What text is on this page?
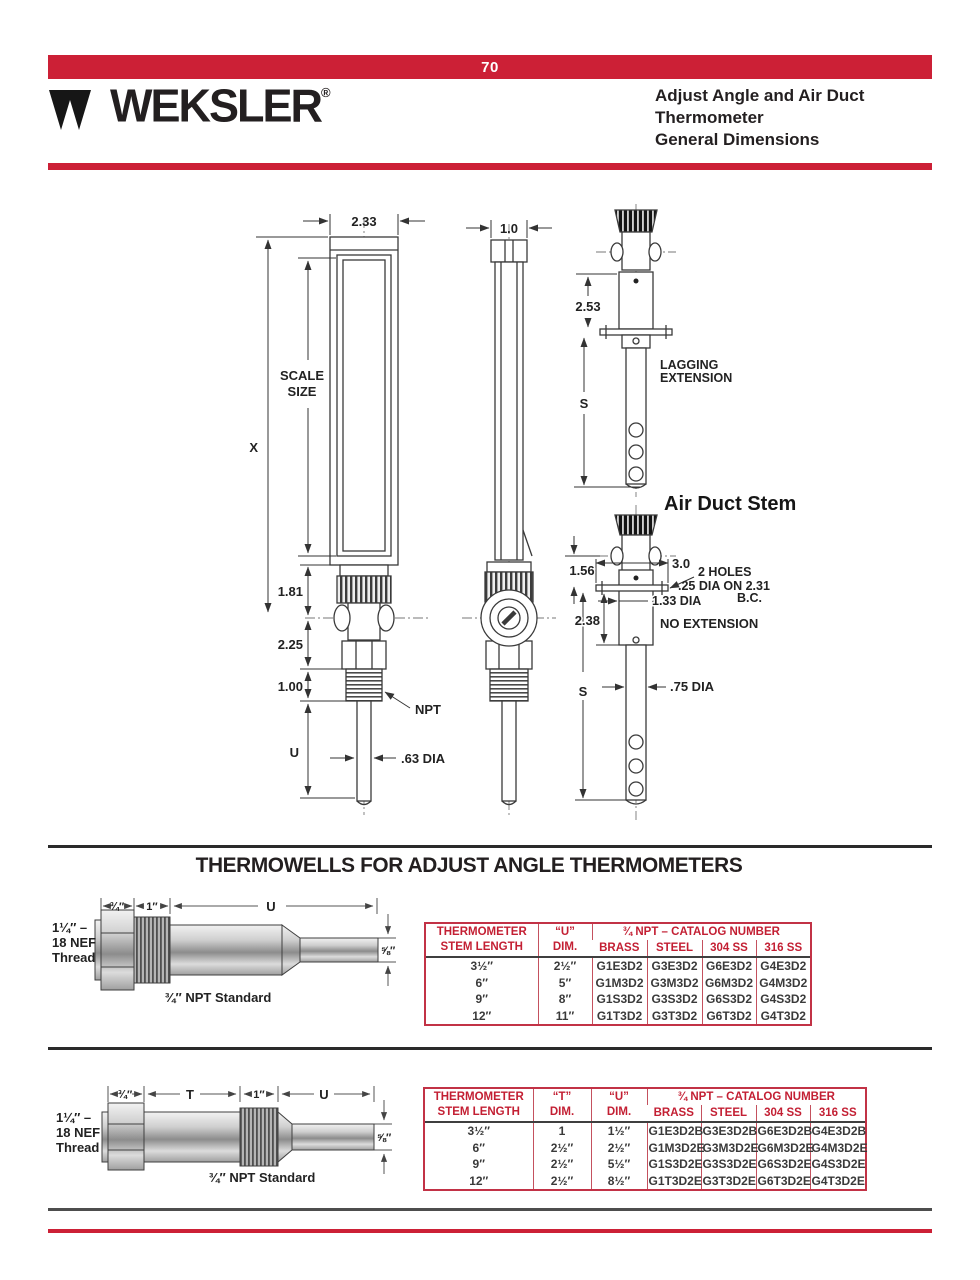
70
WEKSLER®	Adjust Angle and Air Duct
Thermometer
General Dimensions
2.33
X
SCALE
SIZE
1.81
2.25
1.00
U
NPT
.63 DIA
1.0
2.53
S
LAGGING
EXTENSION
Air Duct Stem
1.56	3.0
2 HOLES
.25 DIA ON 2.31
B.C.
1.33 DIA
2.38	NO EXTENSION
S	.75 DIA
THERMOWELLS FOR ADJUST ANGLE THERMOMETERS
¾″ 1″	U
⅝″
1¼″ –
18 NEF
Thread
¾″ NPT Standard
THERMOMETER
STEM LENGTH

“U”
DIM.
	¾ NPT – CATALOG NUMBER
		BRASS	STEEL	304 SS	316 SS
3½″	2½″	G1E3D2	G3E3D2	G6E3D2	G4E3D2
6″	5″	G1M3D2	G3M3D2	G6M3D2	G4M3D2
9″	8″	G1S3D2	G3S3D2	G6S3D2	G4S3D2
12″	11″	G1T3D2	G3T3D2	G6T3D2	G4T3D2
¾″	T	1″	U
⅝″
1¼″ –
18 NEF
Thread
¾″ NPT Standard
THERMOMETER
STEM LENGTH

“T”
DIM.

“U”
DIM.
	¾ NPT – CATALOG NUMBER
			BRASS	STEEL	304 SS	316 SS
3½″	1	1½″	G1E3D2B	G3E3D2B	G6E3D2B	G4E3D2B
6″	2½″	2½″	G1M3D2E	G3M3D2E	G6M3D2E	G4M3D2E
9″	2½″	5½″	G1S3D2E	G3S3D2E	G6S3D2E	G4S3D2E
12″	2½″	8½″	G1T3D2E	G3T3D2E	G6T3D2E	G4T3D2E
